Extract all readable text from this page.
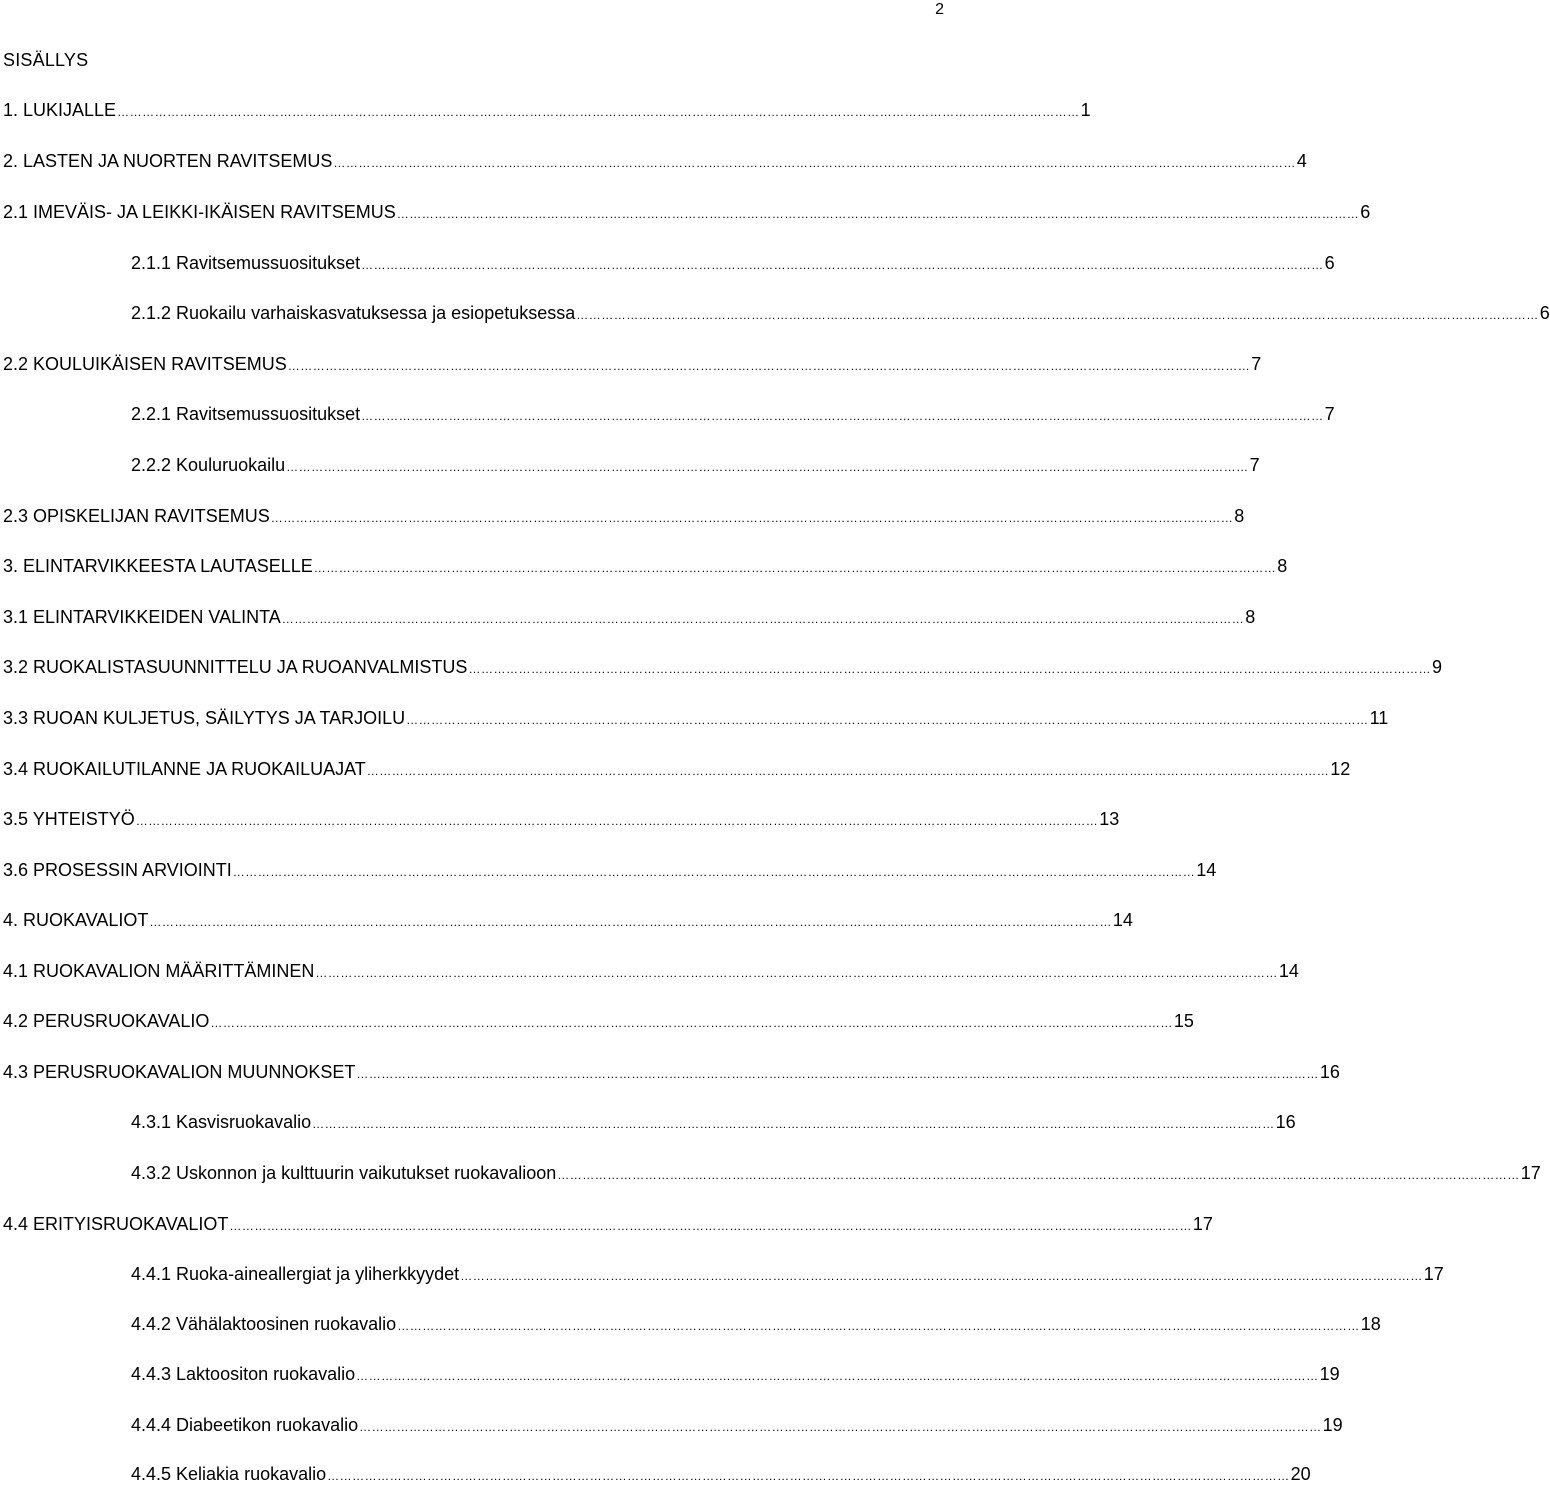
2
SISÄLLYS
1. LUKIJALLE …………………………………………………………………………………………………………………………………………………………………………………………………………… 1
2. LASTEN JA NUORTEN RAVITSEMUS …………………………………………………………………………………………………………………………………………………………………………………………………………… 4
2.1 IMEVÄIS- JA LEIKKI-IKÄISEN RAVITSEMUS …………………………………………………………………………………………………………………………………………………………………………………………………………… 6
2.1.1 Ravitsemussuositukset …………………………………………………………………………………………………………………………………………………………………………………………………………… 6
2.1.2 Ruokailu varhaiskasvatuksessa ja esiopetuksessa …………………………………………………………………………………………………………………………………………………………………………………………………………… 6
2.2 KOULUIKÄISEN RAVITSEMUS …………………………………………………………………………………………………………………………………………………………………………………………………………… 7
2.2.1 Ravitsemussuositukset …………………………………………………………………………………………………………………………………………………………………………………………………………… 7
2.2.2 Kouluruokailu …………………………………………………………………………………………………………………………………………………………………………………………………………… 7
2.3 OPISKELIJAN RAVITSEMUS …………………………………………………………………………………………………………………………………………………………………………………………………………… 8
3. ELINTARVIKKEESTA LAUTASELLE …………………………………………………………………………………………………………………………………………………………………………………………………………… 8
3.1 ELINTARVIKKEIDEN VALINTA …………………………………………………………………………………………………………………………………………………………………………………………………………… 8
3.2 RUOKALISTASUUNNITTELU JA RUOANVALMISTUS …………………………………………………………………………………………………………………………………………………………………………………………………………… 9
3.3 RUOAN KULJETUS, SÄILYTYS JA TARJOILU …………………………………………………………………………………………………………………………………………………………………………………………………………… 11
3.4 RUOKAILUTILANNE JA RUOKAILUAJAT …………………………………………………………………………………………………………………………………………………………………………………………………………… 12
3.5 YHTEISTYÖ …………………………………………………………………………………………………………………………………………………………………………………………………………… 13
3.6 PROSESSIN ARVIOINTI …………………………………………………………………………………………………………………………………………………………………………………………………………… 14
4. RUOKAVALIOT …………………………………………………………………………………………………………………………………………………………………………………………………………… 14
4.1 RUOKAVALION MÄÄRITTÄMINEN …………………………………………………………………………………………………………………………………………………………………………………………………………… 14
4.2 PERUSRUOKAVALIO …………………………………………………………………………………………………………………………………………………………………………………………………………… 15
4.3 PERUSRUOKAVALION MUUNNOKSET …………………………………………………………………………………………………………………………………………………………………………………………………………… 16
4.3.1 Kasvisruokavalio …………………………………………………………………………………………………………………………………………………………………………………………………………… 16
4.3.2 Uskonnon ja kulttuurin vaikutukset ruokavalioon …………………………………………………………………………………………………………………………………………………………………………………………………………… 17
4.4 ERITYISRUOKAVALIOT …………………………………………………………………………………………………………………………………………………………………………………………………………… 17
4.4.1 Ruoka-aineallergiat ja yliherkkyydet …………………………………………………………………………………………………………………………………………………………………………………………………………… 17
4.4.2 Vähälaktoosinen ruokavalio …………………………………………………………………………………………………………………………………………………………………………………………………………… 18
4.4.3 Laktoositon ruokavalio …………………………………………………………………………………………………………………………………………………………………………………………………………… 19
4.4.4 Diabeetikon ruokavalio …………………………………………………………………………………………………………………………………………………………………………………………………………… 19
4.4.5 Keliakia ruokavalio …………………………………………………………………………………………………………………………………………………………………………………………………………… 20
